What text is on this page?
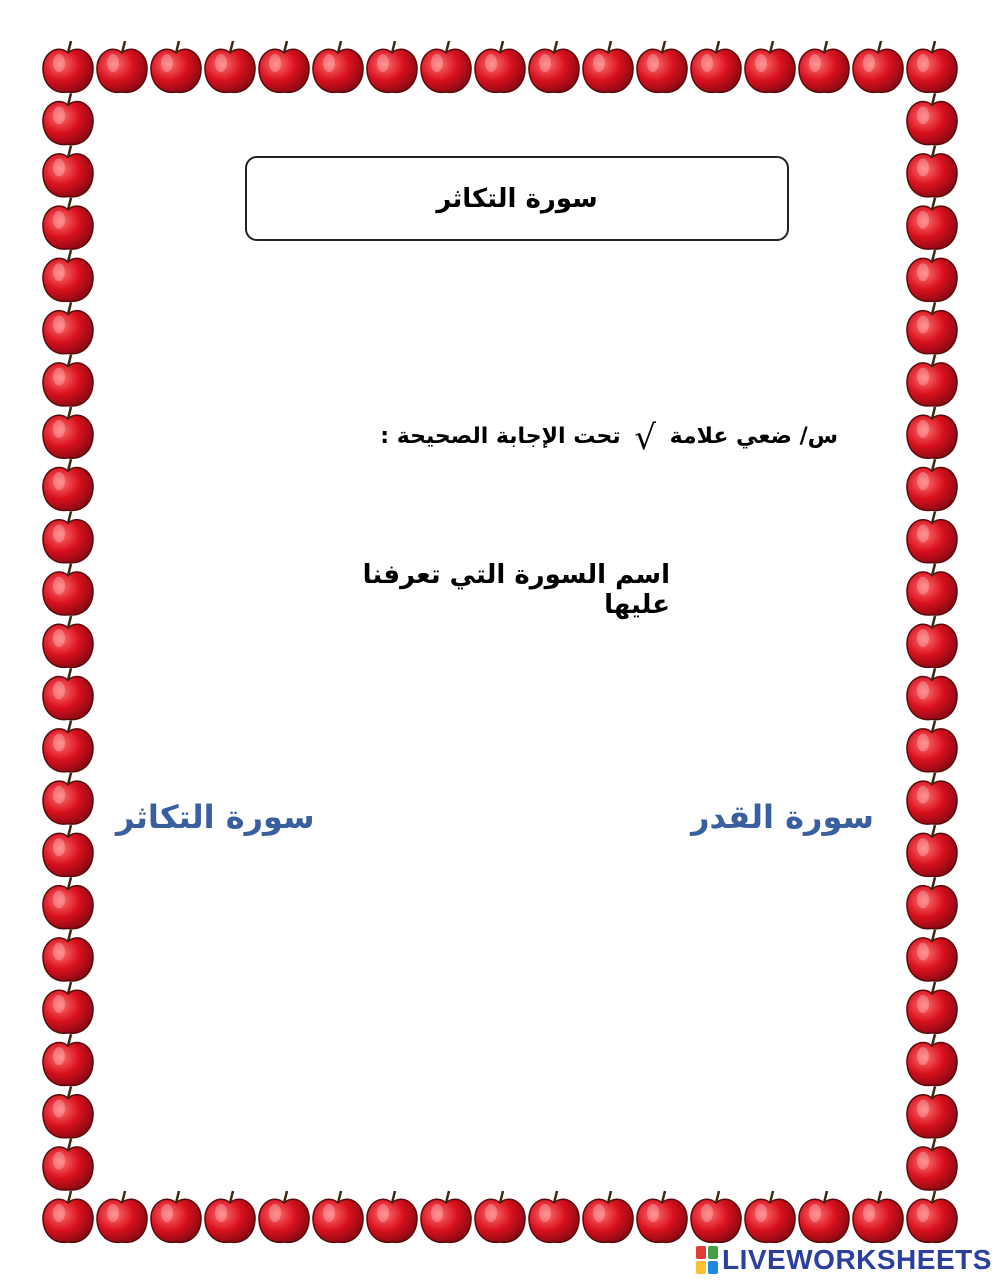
سورة التكاثر
س/ ضعي علامة √ تحت الإجابة الصحيحة :
اسم السورة التي تعرفنا عليها
سورة القدر
سورة التكاثر
LIVEWORKSHEETS
